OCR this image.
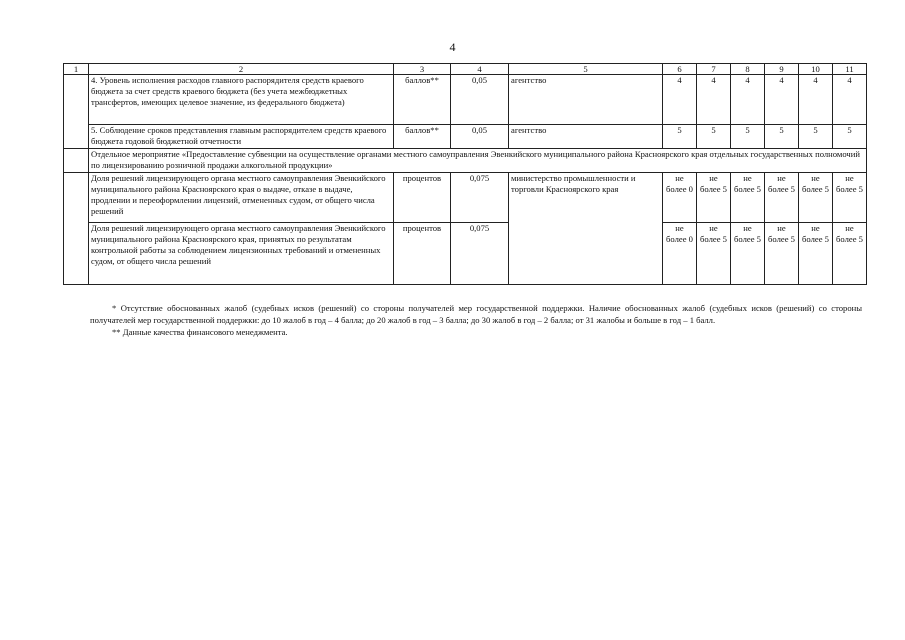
4
1	2	3	4	5	6	7	8	9	10	11
	4. Уровень исполнения расходов главного распорядителя средств краевого бюджета за счет средств краевого бюджета (без учета межбюджетных трансфертов, имеющих целевое значение, из федерального бюджета)	баллов**	0,05	агентство	4	4	4	4	4	4
	5. Соблюдение сроков представления главным распорядителем средств краевого бюджета годовой бюджетной отчетности	баллов**	0,05	агентство	5	5	5	5	5	5
	Отдельное мероприятие «Предоставление субвенции на осуществление органами местного самоуправления Эвенкийского муниципального района Красноярского края отдельных государственных полномочий по лицензированию розничной продажи алкогольной продукции»									
	Доля решений лицензирующего органа местного самоуправления Эвенкийского муниципального района Красноярского края о выдаче, отказе в выдаче, продлении и переоформлении лицензий, отмененных судом, от общего числа решений	процентов	0,075	министерство промышленности и торговли Красноярского края	не более 0	не более 5	не более 5	не более 5	не более 5	не более 5
	Доля решений лицензирующего органа местного самоуправления Эвенкийского муниципального района Красноярского края, принятых по результатам контрольной работы за соблюдением лицензионных требований и отмененных судом, от общего числа решений	процентов	0,075		не более 0	не более 5	не более 5	не более 5	не более 5	не более 5

* Отсутствие обоснованных жалоб (судебных исков (решений) со стороны получателей мер государственной поддержки. Наличие обоснованных жалоб (судебных исков (решений) со стороны получателей мер государственной поддержки: до 10 жалоб в год – 4 балла; до 20 жалоб в год – 3 балла; до 30 жалоб в год – 2 балла; от 31 жалобы и больше в год – 1 балл.

** Данные качества финансового менеджмента.
